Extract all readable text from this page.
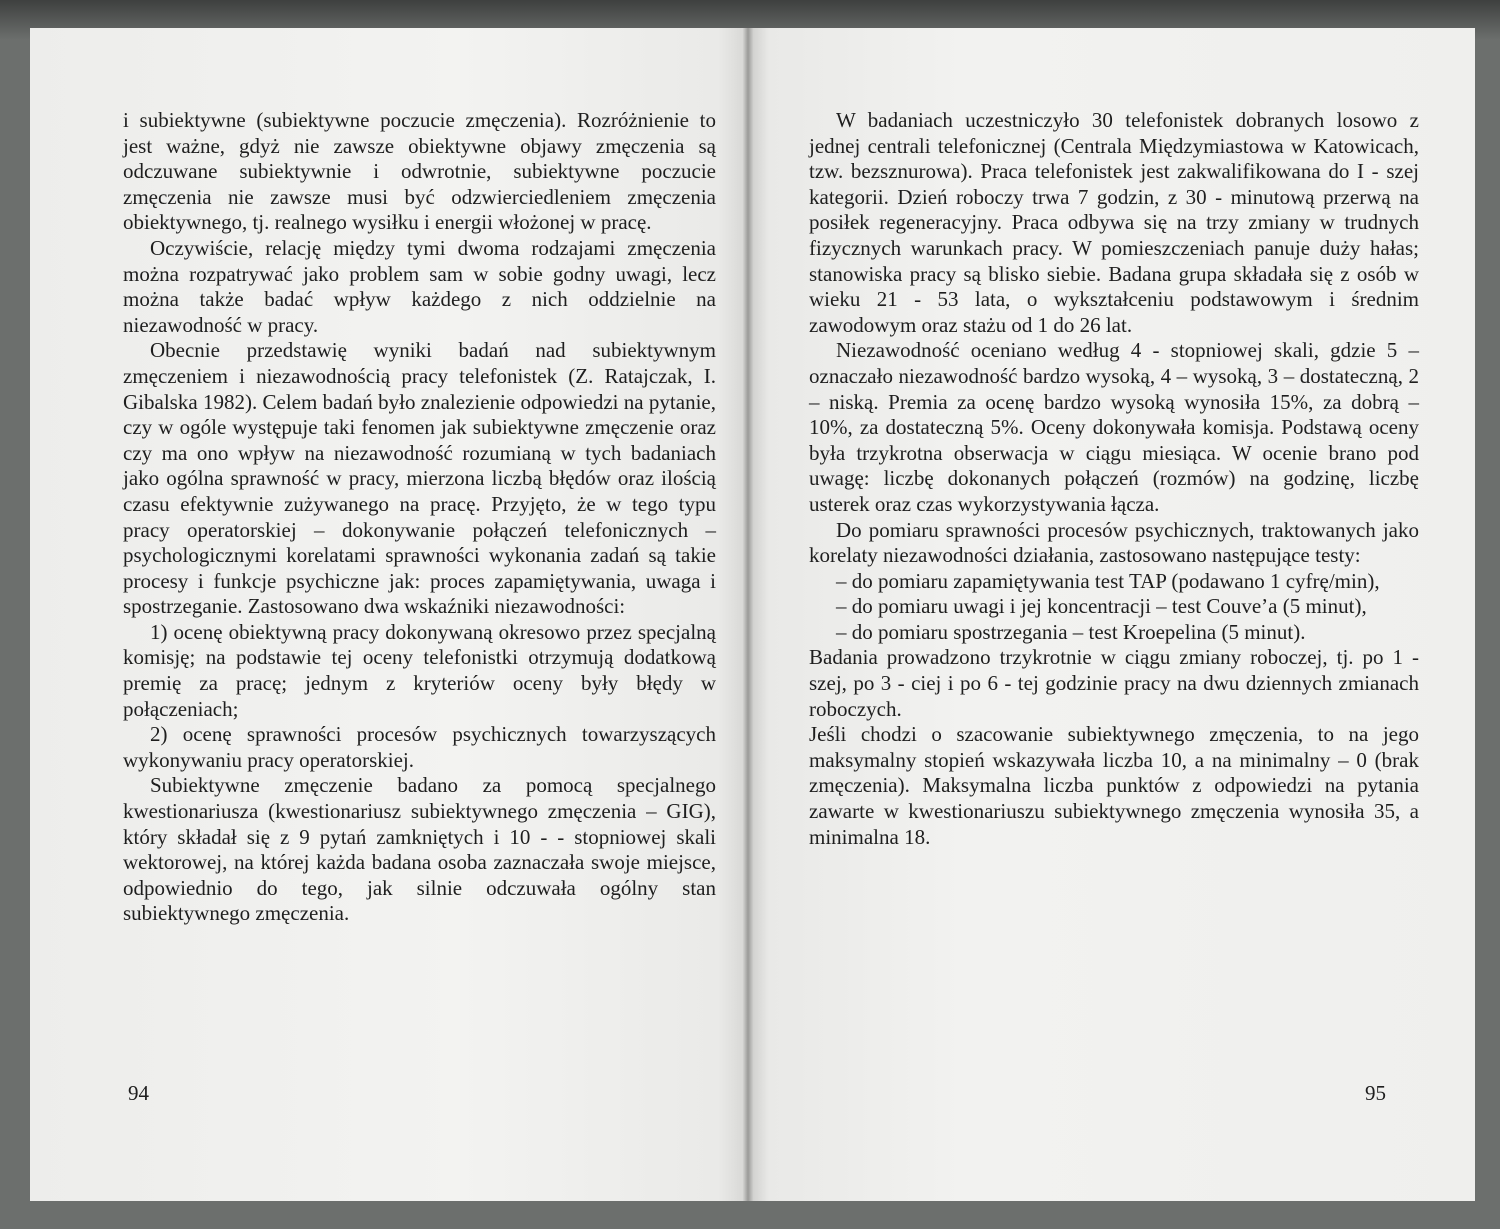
i subiektywne (subiektywne poczucie zmęczenia). Rozróżnienie to jest ważne, gdyż nie zawsze obiektywne objawy zmęczenia są odczuwane subiektywnie i odwrotnie, subiektywne poczucie zmęczenia nie zawsze musi być odzwierciedleniem zmęczenia obiektywnego, tj. realnego wysiłku i energii włożonej w pracę.

Oczywiście, relację między tymi dwoma rodzajami zmęczenia można rozpatrywać jako problem sam w sobie godny uwagi, lecz można także badać wpływ każdego z nich oddzielnie na niezawodność w pracy.

Obecnie przedstawię wyniki badań nad subiektywnym zmęczeniem i niezawodnością pracy telefonistek (Z. Ratajczak, I. Gibalska 1982). Celem badań było znalezienie odpowiedzi na pytanie, czy w ogóle występuje taki fenomen jak subiektywne zmęczenie oraz czy ma ono wpływ na niezawodność rozumianą w tych badaniach jako ogólna sprawność w pracy, mierzona liczbą błędów oraz ilością czasu efektywnie zużywanego na pracę. Przyjęto, że w tego typu pracy operatorskiej – dokonywanie połączeń telefonicznych – psychologicznymi korelatami sprawności wykonania zadań są takie procesy i funkcje psychiczne jak: proces zapamiętywania, uwaga i spostrzeganie. Zastosowano dwa wskaźniki niezawodności:

1) ocenę obiektywną pracy dokonywaną okresowo przez specjalną komisję; na podstawie tej oceny telefonistki otrzymują dodatkową premię za pracę; jednym z kryteriów oceny były błędy w połączeniach;

2) ocenę sprawności procesów psychicznych towarzyszących wykonywaniu pracy operatorskiej.

Subiektywne zmęczenie badano za pomocą specjalnego kwestionariusza (kwestionariusz subiektywnego zmęczenia – GIG), który składał się z 9 pytań zamkniętych i 10 - - stopniowej skali wektorowej, na której każda badana osoba zaznaczała swoje miejsce, odpowiednio do tego, jak silnie odczuwała ogólny stan subiektywnego zmęczenia.

94

W badaniach uczestniczyło 30 telefonistek dobranych losowo z jednej centrali telefonicznej (Centrala Międzymiastowa w Katowicach, tzw. bezsznurowa). Praca telefonistek jest zakwalifikowana do I - szej kategorii. Dzień roboczy trwa 7 godzin, z 30 - minutową przerwą na posiłek regeneracyjny. Praca odbywa się na trzy zmiany w trudnych fizycznych warunkach pracy. W pomieszczeniach panuje duży hałas; stanowiska pracy są blisko siebie. Badana grupa składała się z osób w wieku 21 - 53 lata, o wykształceniu podstawowym i średnim zawodowym oraz stażu od 1 do 26 lat.

Niezawodność oceniano według 4 - stopniowej skali, gdzie 5 – oznaczało niezawodność bardzo wysoką, 4 – wysoką, 3 – dostateczną, 2 – niską. Premia za ocenę bardzo wysoką wynosiła 15%, za dobrą – 10%, za dostateczną 5%. Oceny dokonywała komisja. Podstawą oceny była trzykrotna obserwacja w ciągu miesiąca. W ocenie brano pod uwagę: liczbę dokonanych połączeń (rozmów) na godzinę, liczbę usterek oraz czas wykorzystywania łącza.

Do pomiaru sprawności procesów psychicznych, traktowanych jako korelaty niezawodności działania, zastosowano następujące testy:

– do pomiaru zapamiętywania test TAP (podawano 1 cyfrę/min),

– do pomiaru uwagi i jej koncentracji – test Couve’a (5 minut),

– do pomiaru spostrzegania – test Kroepelina (5 minut).

Badania prowadzono trzykrotnie w ciągu zmiany roboczej, tj. po 1 - szej, po 3 - ciej i po 6 - tej godzinie pracy na dwu dziennych zmianach roboczych.

Jeśli chodzi o szacowanie subiektywnego zmęczenia, to na jego maksymalny stopień wskazywała liczba 10, a na minimalny – 0 (brak zmęczenia). Maksymalna liczba punktów z odpowiedzi na pytania zawarte w kwestionariuszu subiektywnego zmęczenia wynosiła 35, a minimalna 18.

95
